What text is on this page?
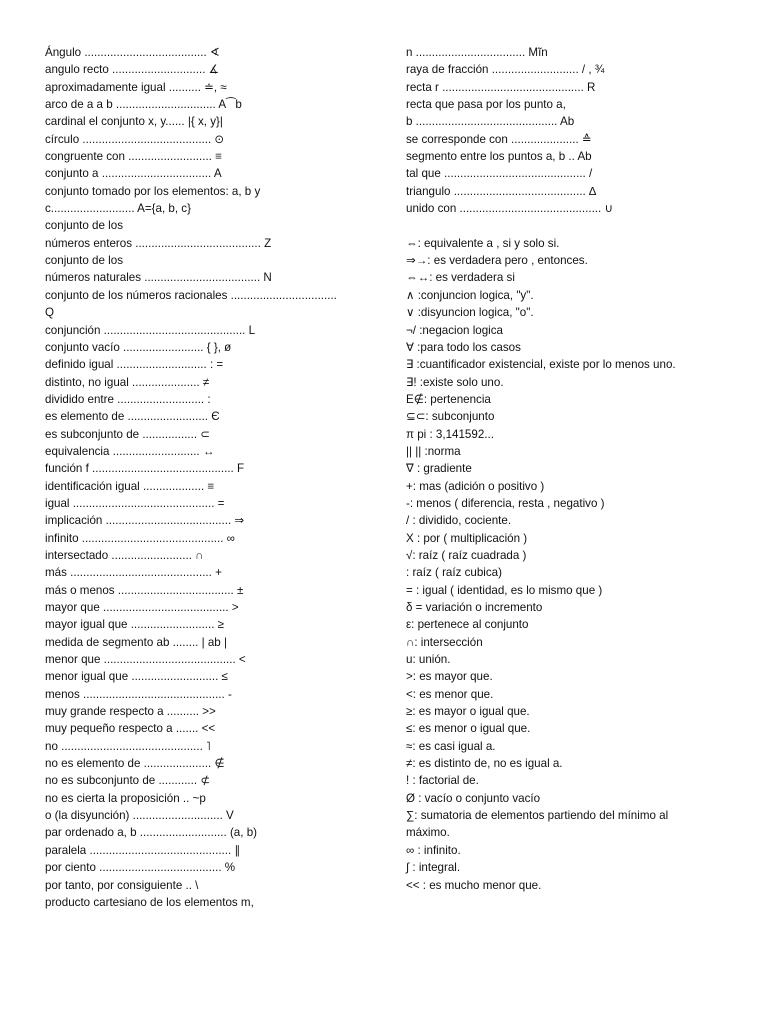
Ángulo ...................................... ∢
angulo recto ............................. ∡
aproximadamente igual .......... ≐, ≈
arco de a a b ............................... A⁀b
cardinal el conjunto x, y...... |{ x, y}|
círculo ........................................ ⊙
congruente con .......................... ≡
conjunto a .................................. A
conjunto tomado por los elementos: a, b y
c.......................... A={a, b, c}
conjunto de los
números enteros ....................................... Z
conjunto de los
números naturales .................................... N
conjunto de los números racionales .................................
Q
conjunción ............................................ L
conjunto vacío ......................... { }, ø
definido igual ............................ : =
distinto, no igual ..................... ≠
dividido entre ........................... :
es elemento de ......................... Є
es subconjunto de ................. ⊂
equivalencia ........................... ↔
función f ............................................ F
identificación igual ................... ≡
igual ............................................ =
implicación ....................................... ⇒
infinito ............................................ ∞
intersectado ......................... ∩
más ............................................ +
más o menos .................................... ±
mayor que ....................................... >
mayor igual que .......................... ≥
medida de segmento ab ........ | ab |
menor que ......................................... <
menor igual que ........................... ≤
menos ............................................ -
muy grande respecto a .......... >>
muy pequeño respecto a ....... <<
no ............................................ ˥
no es elemento de ..................... ∉
no es subconjunto de ............ ⊄
no es cierta la proposición .. ~p
o (la disyunción) ............................ V
par ordenado a, b ........................... (a, b)
paralela ............................................ ∥
por ciento ...................................... %
por tanto, por consiguiente .. \
producto cartesiano de los elementos m,
n .................................. Mĩn
raya de fracción ........................... / , ¾
recta r ............................................ R
recta que pasa por los punto a,
b ............................................ Ab
se corresponde con ..................... ≙
segmento entre los puntos a, b .. Ab
tal que ............................................ /
triangulo ......................................... ∆
unido con ............................................ ∪
⇔: equivalente a , si y solo si.
⇒→: es verdadera pero , entonces.
⇔↔: es verdadera si
∧ :conjuncion logica, "y".
∨ :disyuncion logica, "o".
¬/ :negacion logica
∀ :para todo los casos
∃ :cuantificador existencial, existe por lo menos uno.
∃! :existe solo uno.
E∉: pertenencia
⊆⊂: subconjunto
π pi : 3,141592...
|| || :norma
∇ : gradiente
+: mas (adición o positivo )
-: menos ( diferencia, resta , negativo )
/ : dividido, cociente.
X : por ( multiplicación )
√: raíz ( raíz cuadrada )
: raíz ( raíz cubica)
= : igual ( identidad, es lo mismo que )
δ = variación o incremento
ε: pertenece al conjunto
∩: intersección
u: unión.
>: es mayor que.
<: es menor que.
≥: es mayor o igual que.
≤: es menor o igual que.
≈: es casi igual a.
≠: es distinto de, no es igual a.
! : factorial de.
Ø : vacío o conjunto vacío
∑: sumatoria de elementos partiendo del mínimo al
máximo.
∞ : infinito.
∫ : integral.
<< : es mucho menor que.
